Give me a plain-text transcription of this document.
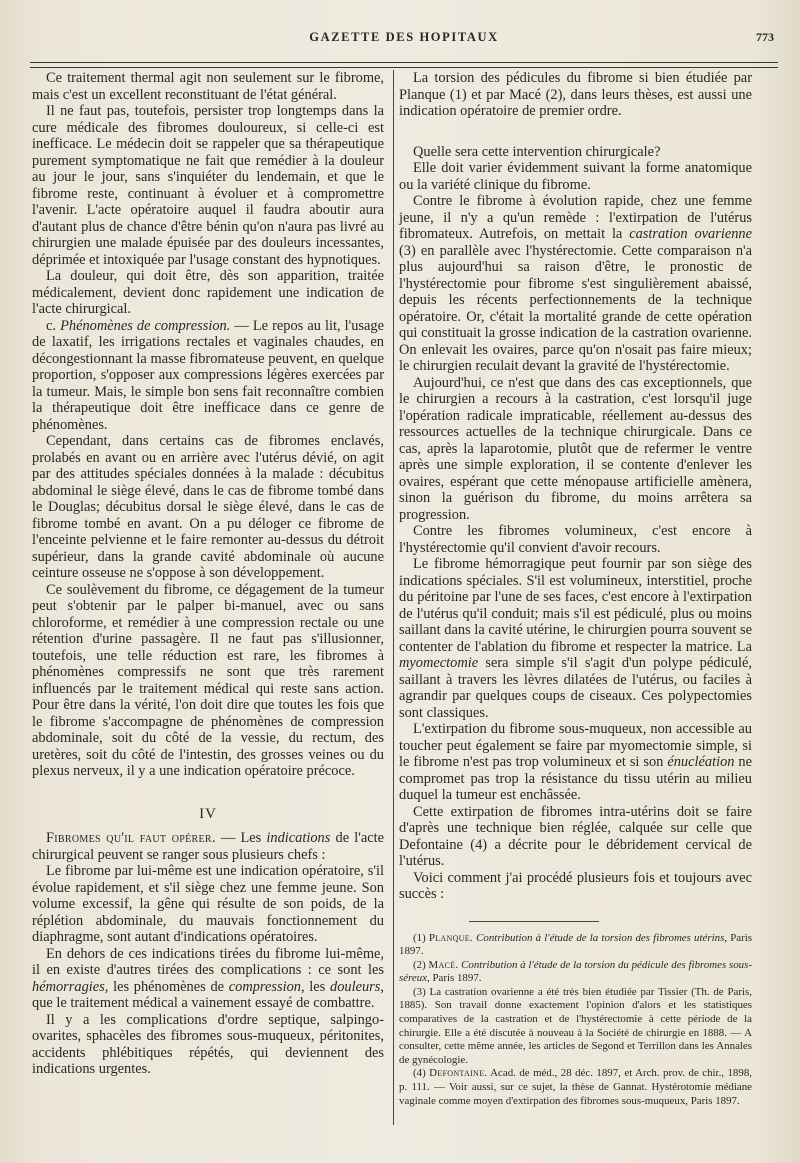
GAZETTE DES HOPITAUX	773

Ce traitement thermal agit non seulement sur le fibrome, mais c'est un excellent reconstituant de l'état général.

Il ne faut pas, toutefois, persister trop longtemps dans la cure médicale des fibromes douloureux, si celle-ci est inefficace. Le médecin doit se rappeler que sa thérapeutique purement symptomatique ne fait que remédier à la douleur au jour le jour, sans s'inquiéter du lendemain, et que le fibrome reste, continuant à évoluer et à compromettre l'avenir. L'acte opératoire auquel il faudra aboutir aura d'autant plus de chance d'être bénin qu'on n'aura pas livré au chirurgien une malade épuisée par des douleurs incessantes, déprimée et intoxiquée par l'usage constant des hypnotiques.

La douleur, qui doit être, dès son apparition, traitée médicalement, devient donc rapidement une indication de l'acte chirurgical.

c. Phénomènes de compression. — Le repos au lit, l'usage de laxatif, les irrigations rectales et vaginales chaudes, en décongestionnant la masse fibromateuse peuvent, en quelque proportion, s'opposer aux compressions légères exercées par la tumeur. Mais, le simple bon sens fait reconnaître combien la thérapeutique doit être inefficace dans ce genre de phénomènes.

Cependant, dans certains cas de fibromes enclavés, prolabés en avant ou en arrière avec l'utérus dévié, on agit par des attitudes spéciales données à la malade : décubitus abdominal le siège élevé, dans le cas de fibrome tombé dans le Douglas; décubitus dorsal le siège élevé, dans le cas de fibrome tombé en avant. On a pu déloger ce fibrome de l'enceinte pelvienne et le faire remonter au-dessus du détroit supérieur, dans la grande cavité abdominale où aucune ceinture osseuse ne s'oppose à son développement.

Ce soulèvement du fibrome, ce dégagement de la tumeur peut s'obtenir par le palper bi-manuel, avec ou sans chloroforme, et remédier à une compression rectale ou une rétention d'urine passagère. Il ne faut pas s'illusionner, toutefois, une telle réduction est rare, les fibromes à phénomènes compressifs ne sont que très rarement influencés par le traitement médical qui reste sans action. Pour être dans la vérité, l'on doit dire que toutes les fois que le fibrome s'accompagne de phénomènes de compression abdominale, soit du côté de la vessie, du rectum, des uretères, soit du côté de l'intestin, des grosses veines ou du plexus nerveux, il y a une indication opératoire précoce.

IV

Fibromes qu'il faut opérer. — Les indications de l'acte chirurgical peuvent se ranger sous plusieurs chefs :

Le fibrome par lui-même est une indication opératoire, s'il évolue rapidement, et s'il siège chez une femme jeune. Son volume excessif, la gêne qui résulte de son poids, de la réplétion abdominale, du mauvais fonctionnement du diaphragme, sont autant d'indications opératoires.

En dehors de ces indications tirées du fibrome lui-même, il en existe d'autres tirées des complications : ce sont les hémorragies, les phénomènes de compression, les douleurs, que le traitement médical a vainement essayé de combattre.

Il y a les complications d'ordre septique, salpingo-ovarites, sphacèles des fibromes sous-muqueux, péritonites, accidents phlébitiques répétés, qui deviennent des indications urgentes.

La torsion des pédicules du fibrome si bien étudiée par Planque (1) et par Macé (2), dans leurs thèses, est aussi une indication opératoire de premier ordre.

Quelle sera cette intervention chirurgicale?

Elle doit varier évidemment suivant la forme anatomique ou la variété clinique du fibrome.

Contre le fibrome à évolution rapide, chez une femme jeune, il n'y a qu'un remède : l'extirpation de l'utérus fibromateux. Autrefois, on mettait la castration ovarienne (3) en parallèle avec l'hystérectomie. Cette comparaison n'a plus aujourd'hui sa raison d'être, le pronostic de l'hystérectomie pour fibrome s'est singulièrement abaissé, depuis les récents perfectionnements de la technique opératoire. Or, c'était la mortalité grande de cette opération qui constituait la grosse indication de la castration ovarienne. On enlevait les ovaires, parce qu'on n'osait pas faire mieux; le chirurgien reculait devant la gravité de l'hystérectomie.

Aujourd'hui, ce n'est que dans des cas exceptionnels, que le chirurgien a recours à la castration, c'est lorsqu'il juge l'opération radicale impraticable, réellement au-dessus des ressources actuelles de la technique chirurgicale. Dans ce cas, après la laparotomie, plutôt que de refermer le ventre après une simple exploration, il se contente d'enlever les ovaires, espérant que cette ménopause artificielle amènera, sinon la guérison du fibrome, du moins arrêtera sa progression.

Contre les fibromes volumineux, c'est encore à l'hystérectomie qu'il convient d'avoir recours.

Le fibrome hémorragique peut fournir par son siège des indications spéciales. S'il est volumineux, interstitiel, proche du péritoine par l'une de ses faces, c'est encore à l'extirpation de l'utérus qu'il conduit; mais s'il est pédiculé, plus ou moins saillant dans la cavité utérine, le chirurgien pourra souvent se contenter de l'ablation du fibrome et respecter la matrice. La myomectomie sera simple s'il s'agit d'un polype pédiculé, saillant à travers les lèvres dilatées de l'utérus, ou faciles à agrandir par quelques coups de ciseaux. Ces polypectomies sont classiques.

L'extirpation du fibrome sous-muqueux, non accessible au toucher peut également se faire par myomectomie simple, si le fibrome n'est pas trop volumineux et si son énucléation ne compromet pas trop la résistance du tissu utérin au milieu duquel la tumeur est enchâssée.

Cette extirpation de fibromes intra-utérins doit se faire d'après une technique bien réglée, calquée sur celle que Defontaine (4) a décrite pour le débridement cervical de l'utérus.

Voici comment j'ai procédé plusieurs fois et toujours avec succès :

(1) Planque. Contribution à l'étude de la torsion des fibromes utérins, Paris 1897.

(2) Macé. Contribution à l'étude de la torsion du pédicule des fibromes sous-séreux, Paris 1897.

(3) La castration ovarienne a été très bien étudiée par Tissier (Th. de Paris, 1885). Son travail donne exactement l'opinion d'alors et les statistiques comparatives de la castration et de l'hystérectomie à cette période de la chirurgie. Elle a été discutée à nouveau à la Société de chirurgie en 1888. — A consulter, cette même année, les articles de Segond et Terrillon dans les Annales de gynécologie.

(4) Defontaine. Acad. de méd., 28 déc. 1897, et Arch. prov. de chir., 1898, p. 111. — Voir aussi, sur ce sujet, la thèse de Gannat. Hystérotomie médiane vaginale comme moyen d'extirpation des fibromes sous-muqueux, Paris 1897.
